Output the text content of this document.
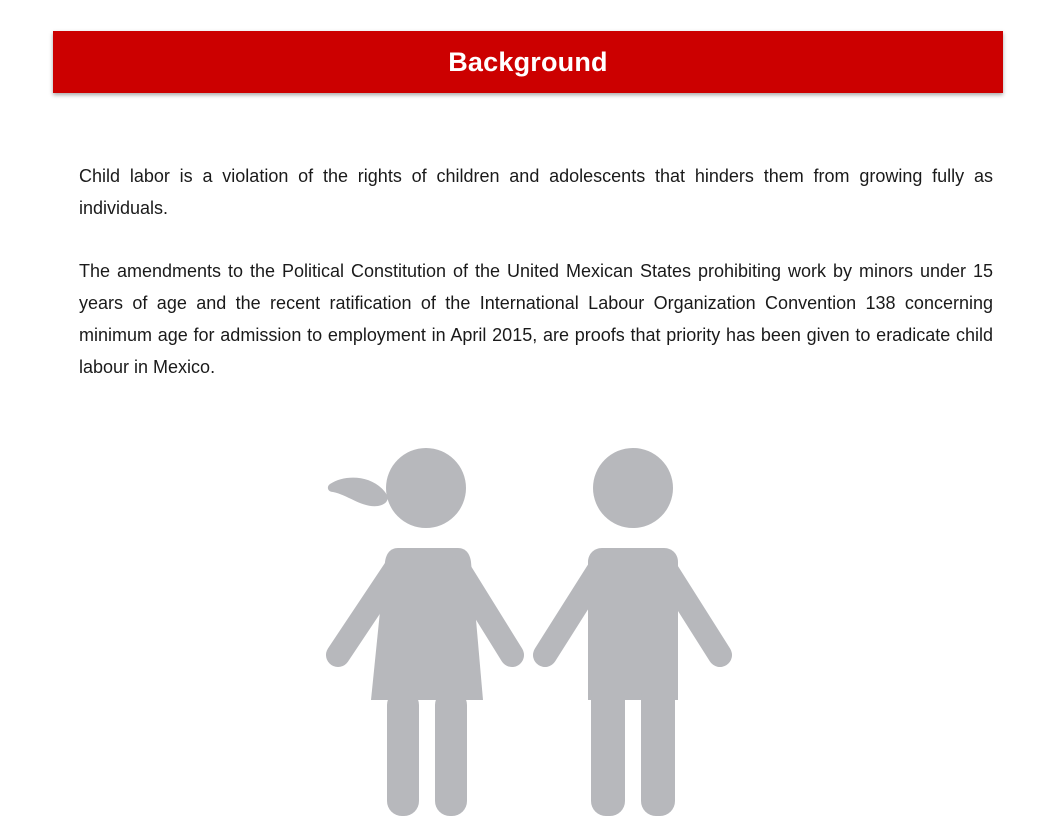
Background

Child labor is a violation of the rights of children and adolescents that hinders them from growing fully as individuals.

The amendments to the Political Constitution of the United Mexican States prohibiting work by minors under 15 years of age and the recent ratification of the International Labour Organization Convention 138 concerning minimum age for admission to employment in April 2015, are proofs that priority has been given to eradicate child labour in Mexico.
